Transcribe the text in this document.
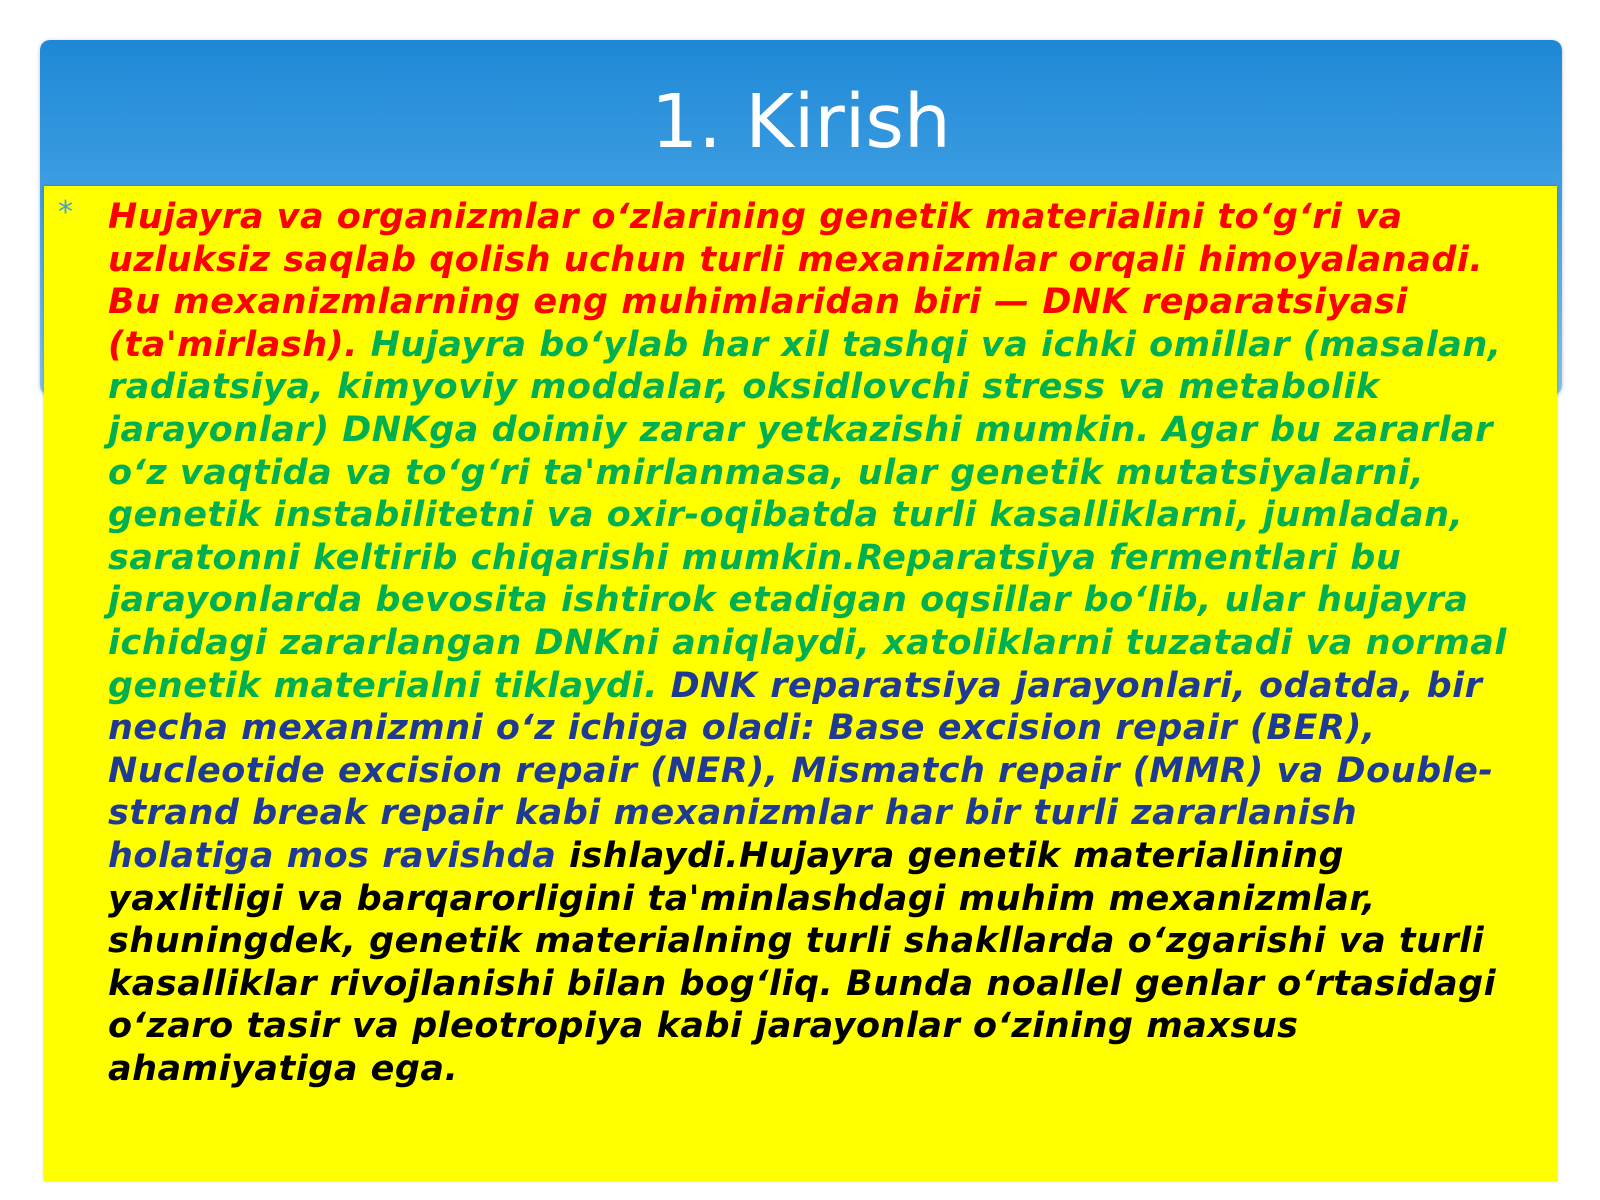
1. Kirish
* Hujayra va organizmlar o‘zlarining genetik materialini to‘g‘ri va uzluksiz saqlab qolish uchun turli mexanizmlar orqali himoyalanadi. Bu mexanizmlarning eng muhimlaridan biri — DNK reparatsiyasi (ta'mirlash). Hujayra bo‘ylab har xil tashqi va ichki omillar (masalan, radiatsiya, kimyoviy moddalar, oksidlovchi stress va metabolik jarayonlar) DNKga doimiy zarar yetkazishi mumkin. Agar bu zararlar o‘z vaqtida va to‘g‘ri ta'mirlanmasa, ular genetik mutatsiyalarni, genetik instabilitetni va oxir-oqibatda turli kasalliklarni, jumladan, saratonni keltirib chiqarishi mumkin.Reparatsiya fermentlari bu jarayonlarda bevosita ishtirok etadigan oqsillar bo‘lib, ular hujayra ichidagi zararlangan DNKni aniqlaydi, xatoliklarni tuzatadi va normal genetik materialni tiklaydi. DNK reparatsiya jarayonlari, odatda, bir necha mexanizmni o‘z ichiga oladi: Base excision repair (BER), Nucleotide excision repair (NER), Mismatch repair (MMR) va Double-strand break repair kabi mexanizmlar har bir turli zararlanish holatiga mos ravishda ishlaydi.Hujayra genetik materialining yaxlitligi va barqarorligini ta'minlashdagi muhim mexanizmlar, shuningdek, genetik materialning turli shakllarda o‘zgarishi va turli kasalliklar rivojlanishi bilan bog‘liq. Bunda noallel genlar o‘rtasidagi o‘zaro tasir va pleotropiya kabi jarayonlar o‘zining maxsus ahamiyatiga ega.
